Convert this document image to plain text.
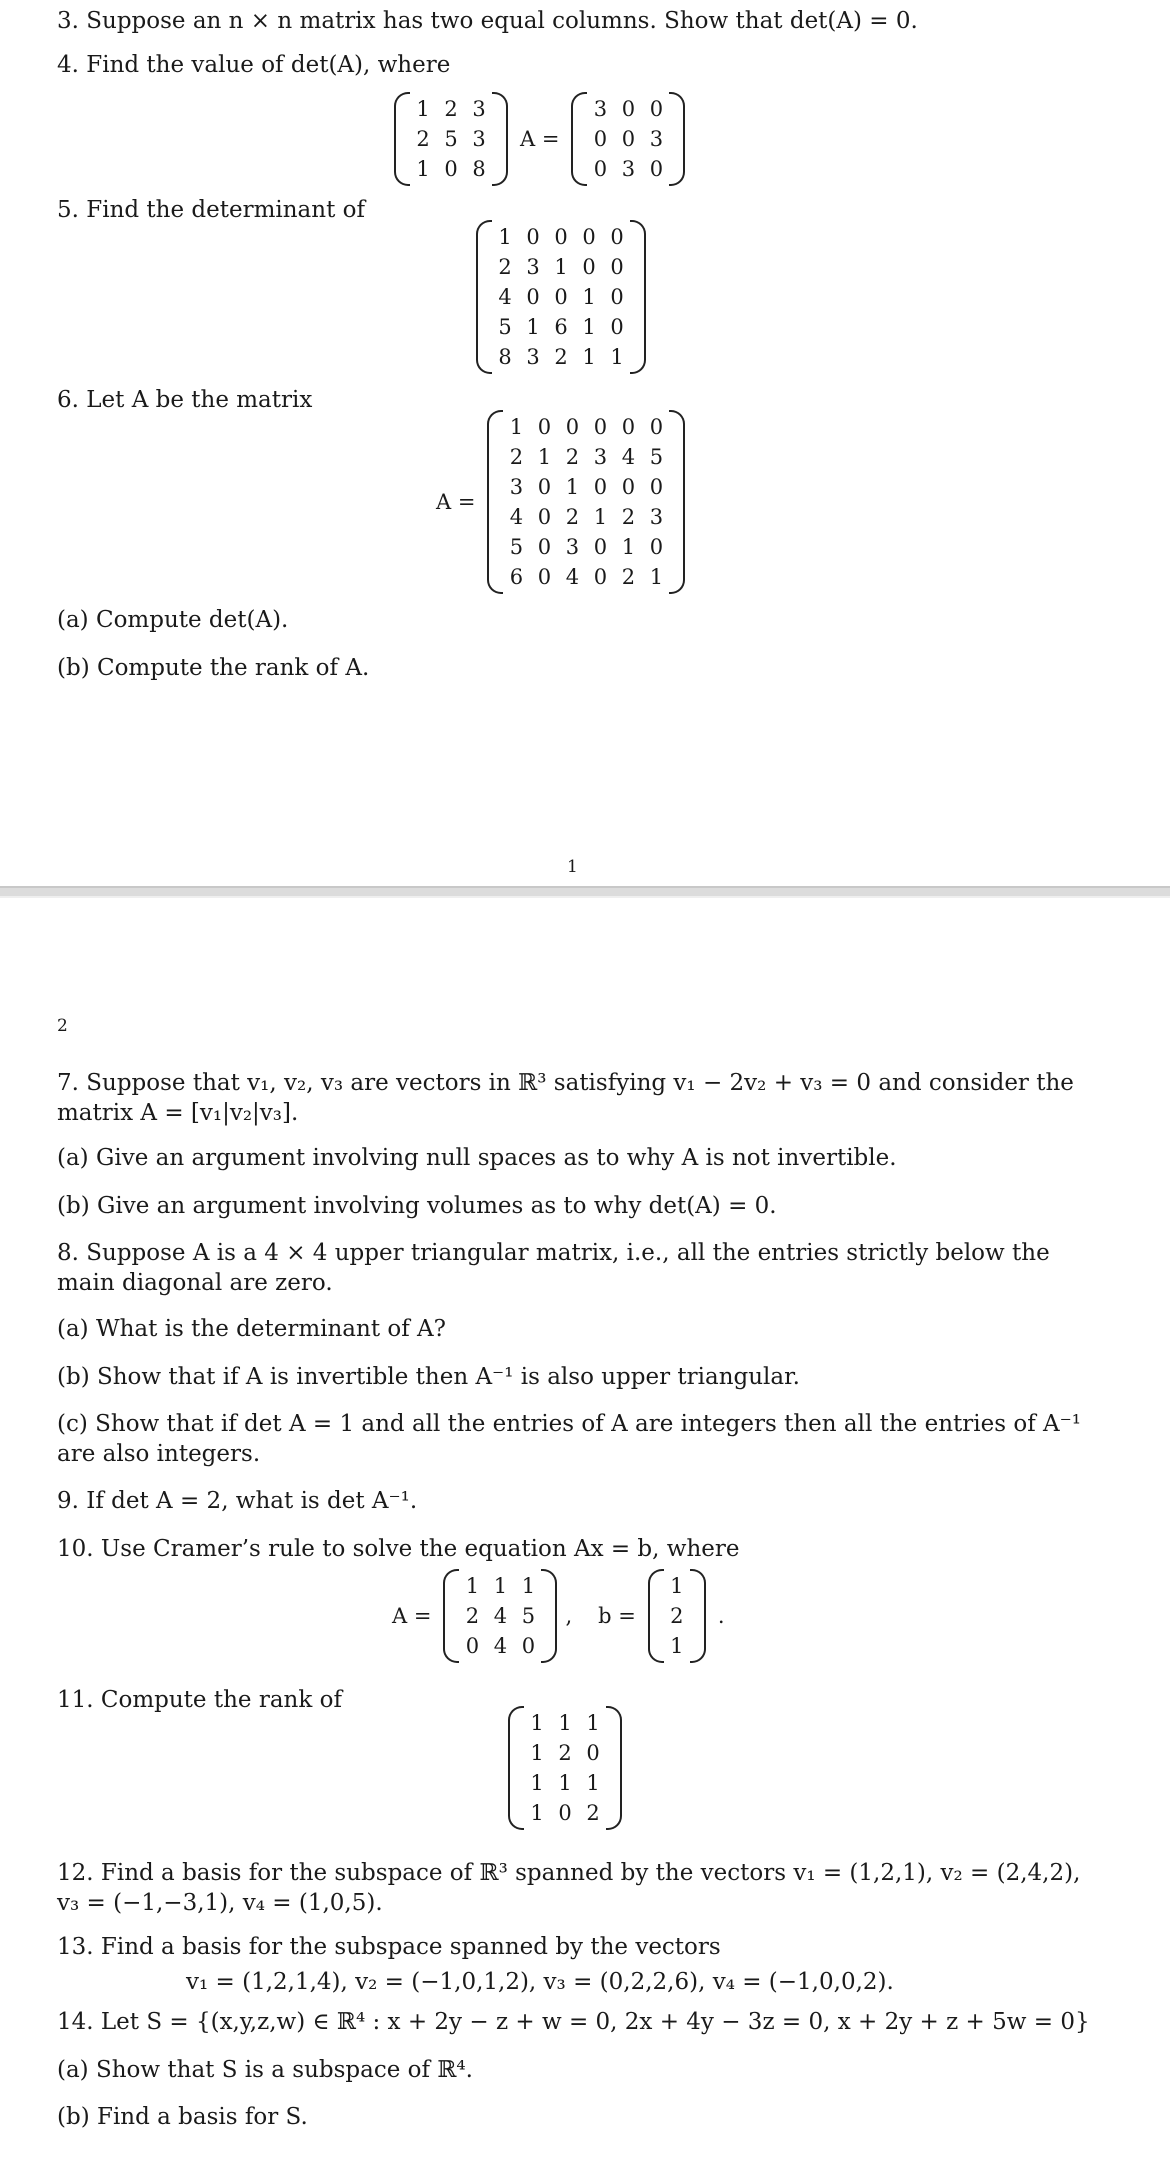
3. Suppose an n × n matrix has two equal columns. Show that det(A) = 0.
4. Find the value of det(A), where
1 2 3
2 5 3
1 0 8
A =
3 0 0
0 0 3
0 3 0
5. Find the determinant of
1 0 0 0 0
2 3 1 0 0
4 0 0 1 0
5 1 6 1 0
8 3 2 1 1
6. Let A be the matrix
A =
1 0 0 0 0 0
2 1 2 3 4 5
3 0 1 0 0 0
4 0 2 1 2 3
5 0 3 0 1 0
6 0 4 0 2 1
(a) Compute det(A).
(b) Compute the rank of A.
1
2
7. Suppose that v₁, v₂, v₃ are vectors in ℝ³ satisfying v₁ − 2v₂ + v₃ = 0 and consider the matrix A = [v₁|v₂|v₃].
(a) Give an argument involving null spaces as to why A is not invertible.
(b) Give an argument involving volumes as to why det(A) = 0.
8. Suppose A is a 4 × 4 upper triangular matrix, i.e., all the entries strictly below the main diagonal are zero.
(a) What is the determinant of A?
(b) Show that if A is invertible then A⁻¹ is also upper triangular.
(c) Show that if det A = 1 and all the entries of A are integers then all the entries of A⁻¹ are also integers.
9. If det A = 2, what is det A⁻¹.
10. Use Cramer’s rule to solve the equation Ax = b, where
A =
1 1 1
2 4 5
0 4 0
,	b =
1
2
1
.
11. Compute the rank of
1 1 1
1 2 0
1 1 1
1 0 2
12. Find a basis for the subspace of ℝ³ spanned by the vectors v₁ = (1,2,1), v₂ = (2,4,2), v₃ = (−1,−3,1), v₄ = (1,0,5).
13. Find a basis for the subspace spanned by the vectors
v₁ = (1,2,1,4), v₂ = (−1,0,1,2), v₃ = (0,2,2,6), v₄ = (−1,0,0,2).
14. Let S = {(x,y,z,w) ∈ ℝ⁴ : x + 2y − z + w = 0, 2x + 4y − 3z = 0, x + 2y + z + 5w = 0}
(a) Show that S is a subspace of ℝ⁴.
(b) Find a basis for S.
